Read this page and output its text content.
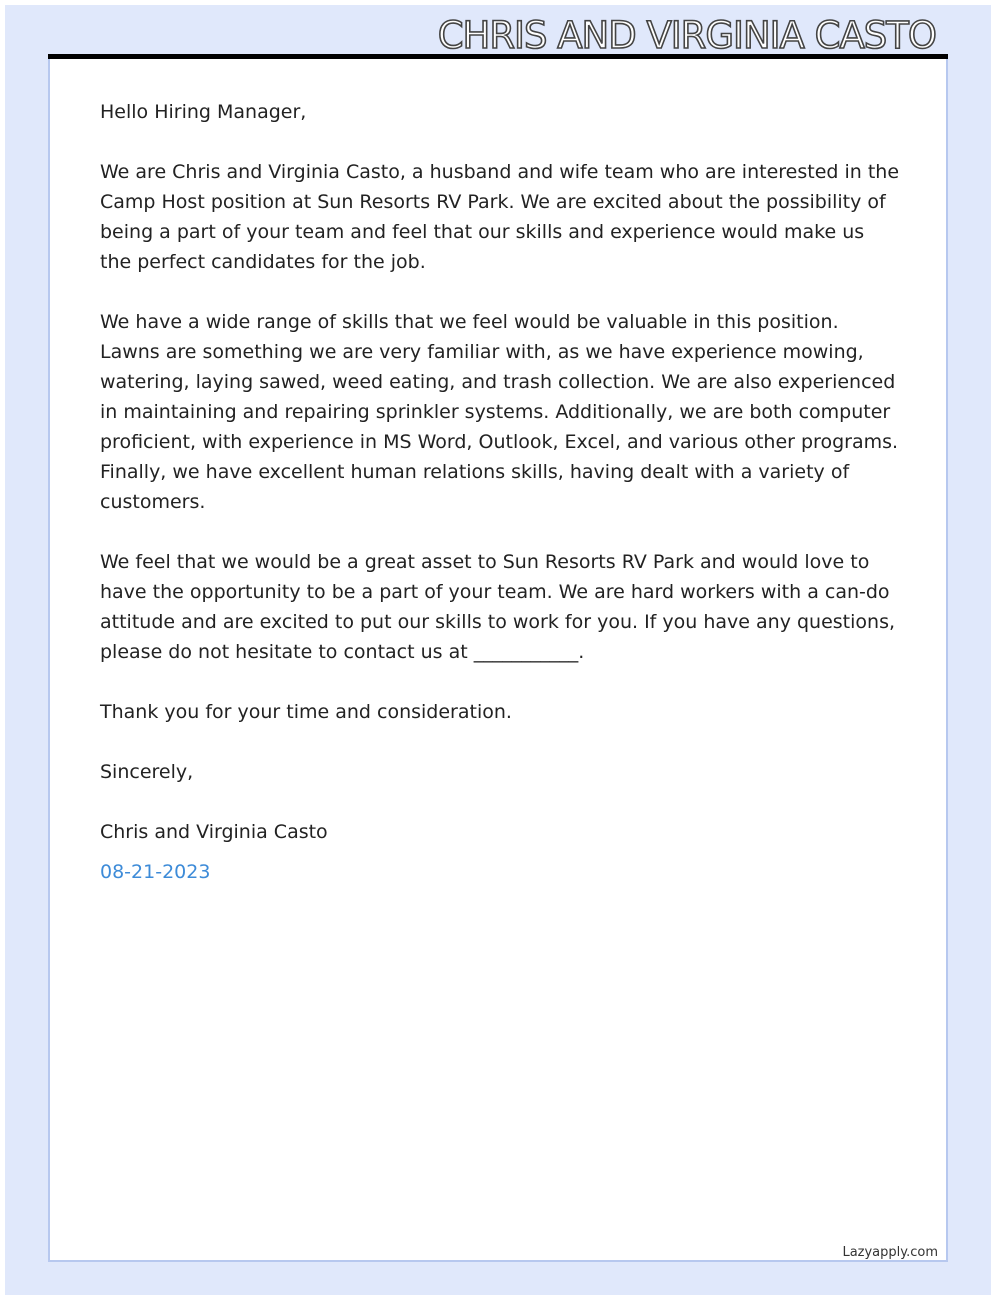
CHRIS AND VIRGINIA CASTO

Hello Hiring Manager,

We are Chris and Virginia Casto, a husband and wife team who are interested in the Camp Host position at Sun Resorts RV Park. We are excited about the possibility of being a part of your team and feel that our skills and experience would make us the perfect candidates for the job.

We have a wide range of skills that we feel would be valuable in this position. Lawns are something we are very familiar with, as we have experience mowing, watering, laying sawed, weed eating, and trash collection. We are also experienced in maintaining and repairing sprinkler systems. Additionally, we are both computer proficient, with experience in MS Word, Outlook, Excel, and various other programs. Finally, we have excellent human relations skills, having dealt with a variety of customers.

We feel that we would be a great asset to Sun Resorts RV Park and would love to have the opportunity to be a part of your team. We are hard workers with a can-do attitude and are excited to put our skills to work for you. If you have any questions, please do not hesitate to contact us at ___________.

Thank you for your time and consideration.

Sincerely,

Chris and Virginia Casto

08-21-2023

Lazyapply.com
